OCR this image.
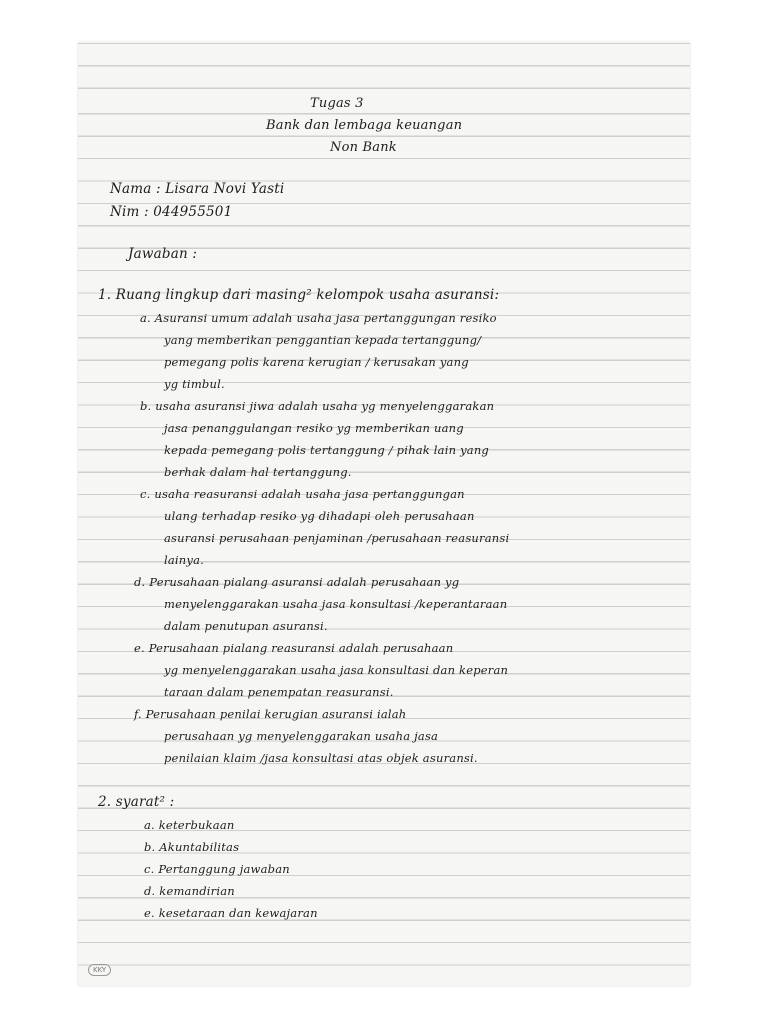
Tugas 3

Bank dan lembaga keuangan

Non Bank

Nama : Lisara Novi Yasti

Nim : 044955501

Jawaban :

1. Ruang lingkup dari masing² kelompok usaha asuransi:

a. Asuransi umum adalah usaha jasa pertanggungan resiko

yang memberikan penggantian kepada tertanggung/

pemegang polis karena kerugian / kerusakan yang

yg timbul.

b. usaha asuransi jiwa adalah usaha yg menyelenggarakan

jasa penanggulangan resiko yg memberikan uang

kepada pemegang polis tertanggung / pihak lain yang

berhak dalam hal tertanggung.

c. usaha reasuransi adalah usaha jasa pertanggungan

ulang terhadap resiko yg dihadapi oleh perusahaan

asuransi perusahaan penjaminan /perusahaan reasuransi

lainya.

d. Perusahaan pialang asuransi adalah perusahaan yg

menyelenggarakan usaha jasa konsultasi /keperantaraan

dalam penutupan asuransi.

e. Perusahaan pialang reasuransi adalah perusahaan

yg menyelenggarakan usaha jasa konsultasi dan keperan

taraan dalam penempatan reasuransi.

f. Perusahaan penilai kerugian asuransi ialah

perusahaan yg menyelenggarakan usaha jasa

penilaian klaim /jasa konsultasi atas objek asuransi.

2. syarat² :

a. keterbukaan

b. Akuntabilitas

c. Pertanggung jawaban

d. kemandirian

e. kesetaraan dan kewajaran

KKY
